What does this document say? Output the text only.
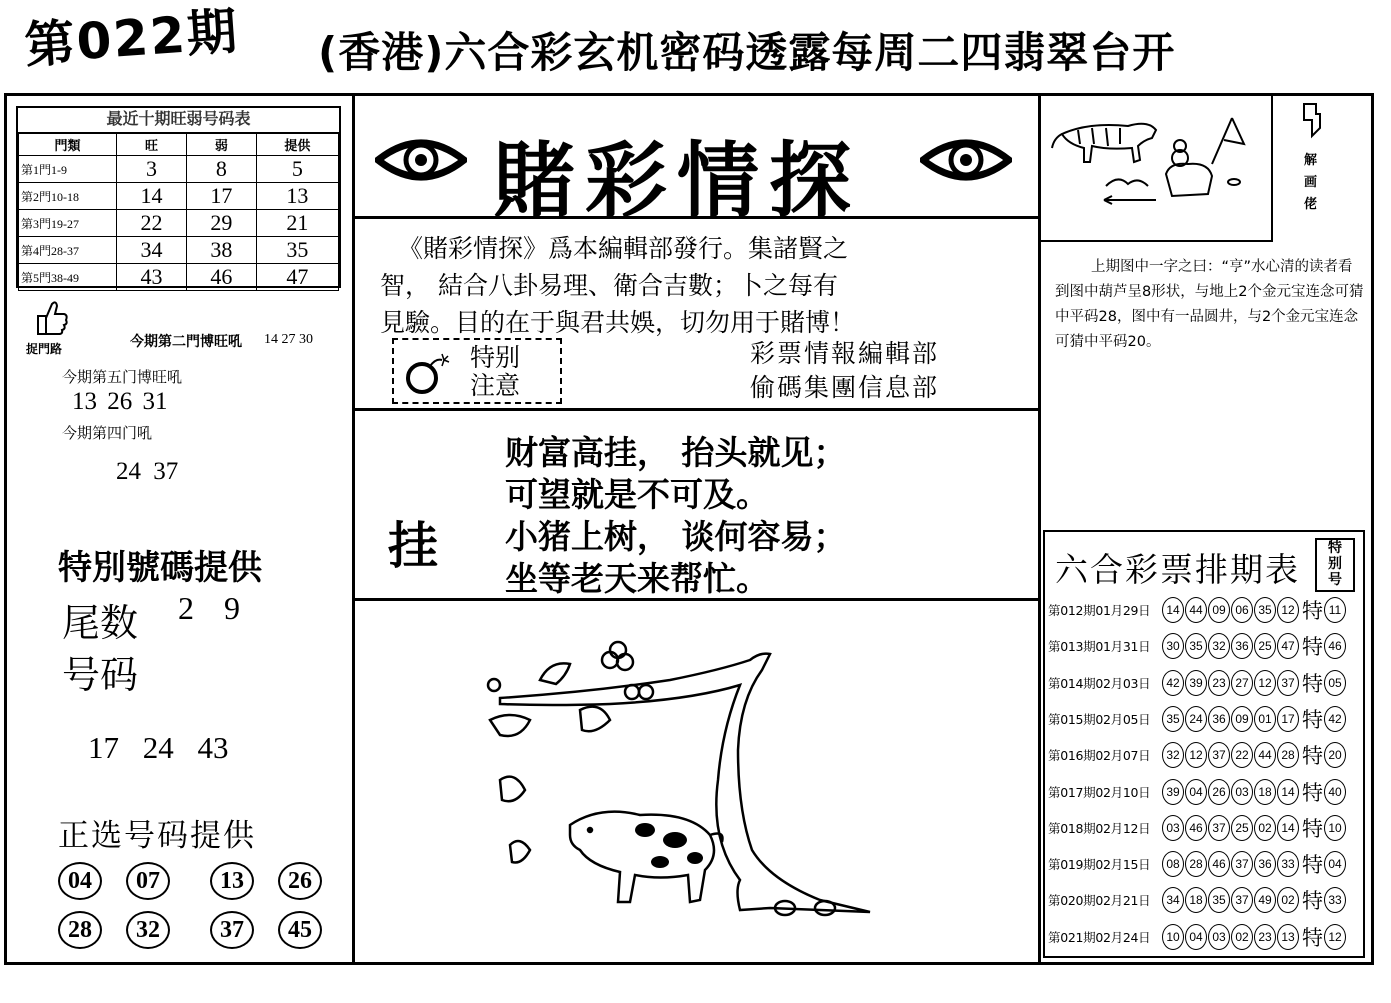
第022期 (香港)六合彩玄机密码透露每周二四翡翠台开
最近十期旺弱号码表
門類	旺	弱	提供
第1門1-9	3	8	5
第2門10-18	14	17	13
第3門19-27	22	29	21
第4門28-37	34	38	35
第5門38-49	43	46	47
捉門路	今期第二門博旺吼 14 27 30
今期第五门博旺吼
13 26 31
今期第四门吼
24 37
特別號碼提供
尾数 2 9
号码
17 24 43
正选号码提供
04	07	13	26
28	32	37	45
賭彩情探
《賭彩情探》爲本編輯部發行。集諸賢之
智， 結合八卦易理、衛合吉數；卜之每有
見驗。目的在于與君共娛，切勿用于賭博！
特别
注意
彩票情報編輯部
偷碼集團信息部
挂
财富高挂， 抬头就见；
可望就是不可及。
小猪上树， 谈何容易；
坐等老天来帮忙。
解画佬
上期图中一字之曰：“亨”水心清的读者看到图中葫芦呈8形状，与地上2个金元宝连念可猜中平码28，图中有一品圆井，与2个金元宝连念可猜中平码20。
六合彩票排期表
特
别
号
第012期01月29日	14 44 09 06 35 12 特 11
第013期01月31日	30 35 32 36 25 47 特 46
第014期02月03日	42 39 23 27 12 37 特 05
第015期02月05日	35 24 36 09 01 17 特 42
第016期02月07日	32 12 37 22 44 28 特 20
第017期02月10日	39 04 26 03 18 14 特 40
第018期02月12日	03 46 37 25 02 14 特 10
第019期02月15日	08 28 46 37 36 33 特 04
第020期02月21日	34 18 35 37 49 02 特 33
第021期02月24日	10 04 03 02 23 13 特 12
